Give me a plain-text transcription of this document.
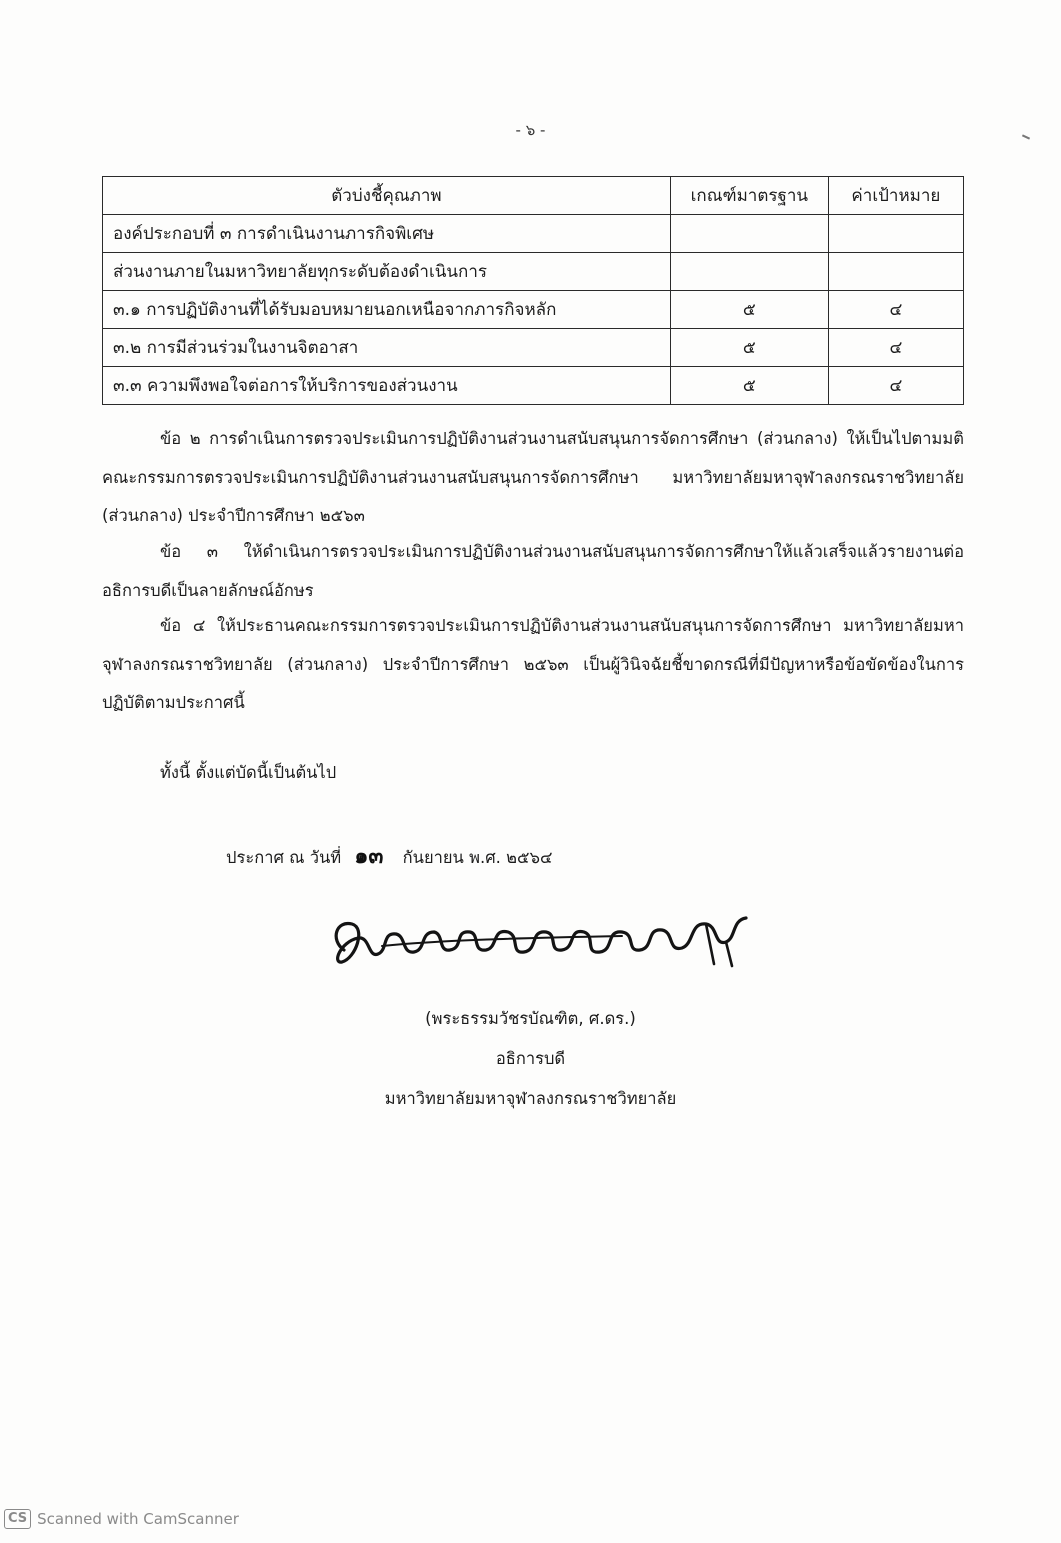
- ๖ -
ตัวบ่งชี้คุณภาพ	เกณฑ์มาตรฐาน	ค่าเป้าหมาย
องค์ประกอบที่ ๓ การดำเนินงานภารกิจพิเศษ		
ส่วนงานภายในมหาวิทยาลัยทุกระดับต้องดำเนินการ		
๓.๑ การปฏิบัติงานที่ได้รับมอบหมายนอกเหนือจากภารกิจหลัก	๕	๔
๓.๒ การมีส่วนร่วมในงานจิตอาสา	๕	๔
๓.๓ ความพึงพอใจต่อการให้บริการของส่วนงาน	๕	๔

ข้อ ๒ การดำเนินการตรวจประเมินการปฏิบัติงานส่วนงานสนับสนุนการจัดการศึกษา (ส่วนกลาง) ให้เป็นไปตามมติคณะกรรมการตรวจประเมินการปฏิบัติงานส่วนงานสนับสนุนการจัดการศึกษา มหาวิทยาลัยมหาจุฬาลงกรณราชวิทยาลัย (ส่วนกลาง) ประจำปีการศึกษา ๒๕๖๓

ข้อ ๓ ให้ดำเนินการตรวจประเมินการปฏิบัติงานส่วนงานสนับสนุนการจัดการศึกษาให้แล้วเสร็จแล้วรายงานต่ออธิการบดีเป็นลายลักษณ์อักษร

ข้อ ๔ ให้ประธานคณะกรรมการตรวจประเมินการปฏิบัติงานส่วนงานสนับสนุนการจัดการศึกษา มหาวิทยาลัยมหาจุฬาลงกรณราชวิทยาลัย (ส่วนกลาง) ประจำปีการศึกษา ๒๕๖๓ เป็นผู้วินิจฉัยชี้ขาดกรณีที่มีปัญหาหรือข้อขัดข้องในการปฏิบัติตามประกาศนี้

ทั้งนี้ ตั้งแต่บัดนี้เป็นต้นไป
ประกาศ ณ วันที่ ๑๓ กันยายน พ.ศ. ๒๕๖๔
(พระธรรมวัชรบัณฑิต, ศ.ดร.)
อธิการบดี
มหาวิทยาลัยมหาจุฬาลงกรณราชวิทยาลัย
CS Scanned with CamScanner
